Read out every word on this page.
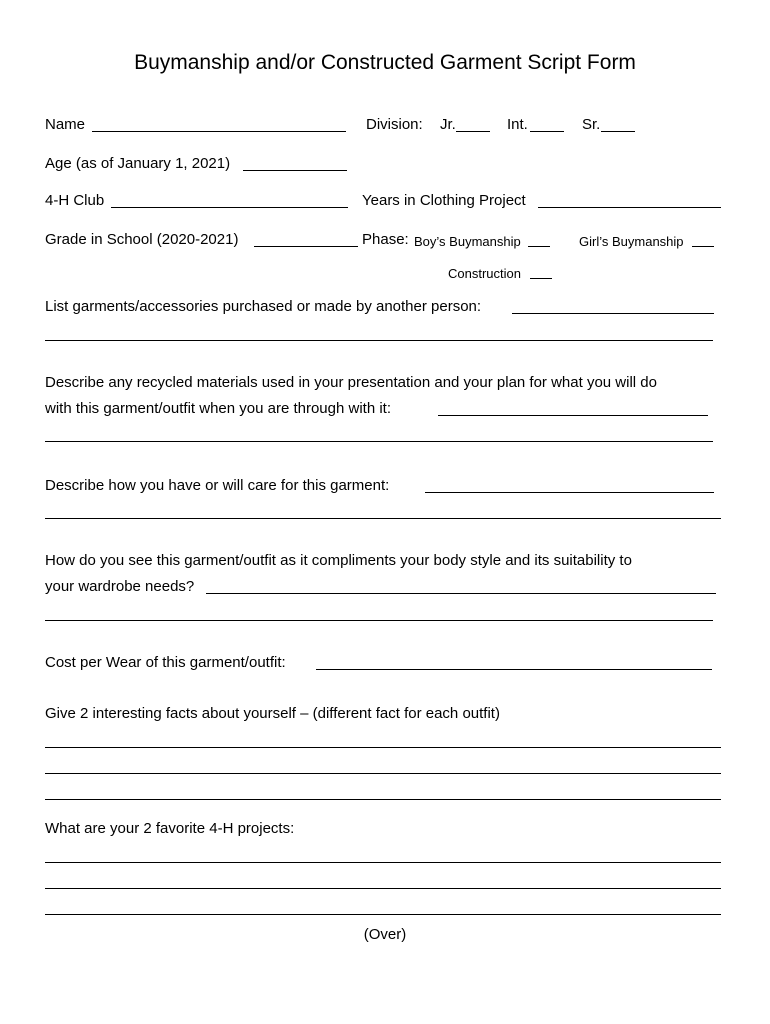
Buymanship and/or Constructed Garment Script Form
Name	Division: Jr.	Int.	Sr.
Age (as of January 1, 2021)
4-H Club	Years in Clothing Project
Grade in School (2020-2021)	Phase: Boy’s Buymanship	Girl’s Buymanship
Construction
List garments/accessories purchased or made by another person:
Describe any recycled materials used in your presentation and your plan for what you will do
with this garment/outfit when you are through with it:
Describe how you have or will care for this garment:
How do you see this garment/outfit as it compliments your body style and its suitability to
your wardrobe needs?
Cost per Wear of this garment/outfit:
Give 2 interesting facts about yourself – (different fact for each outfit)
What are your 2 favorite 4-H projects:
(Over)
